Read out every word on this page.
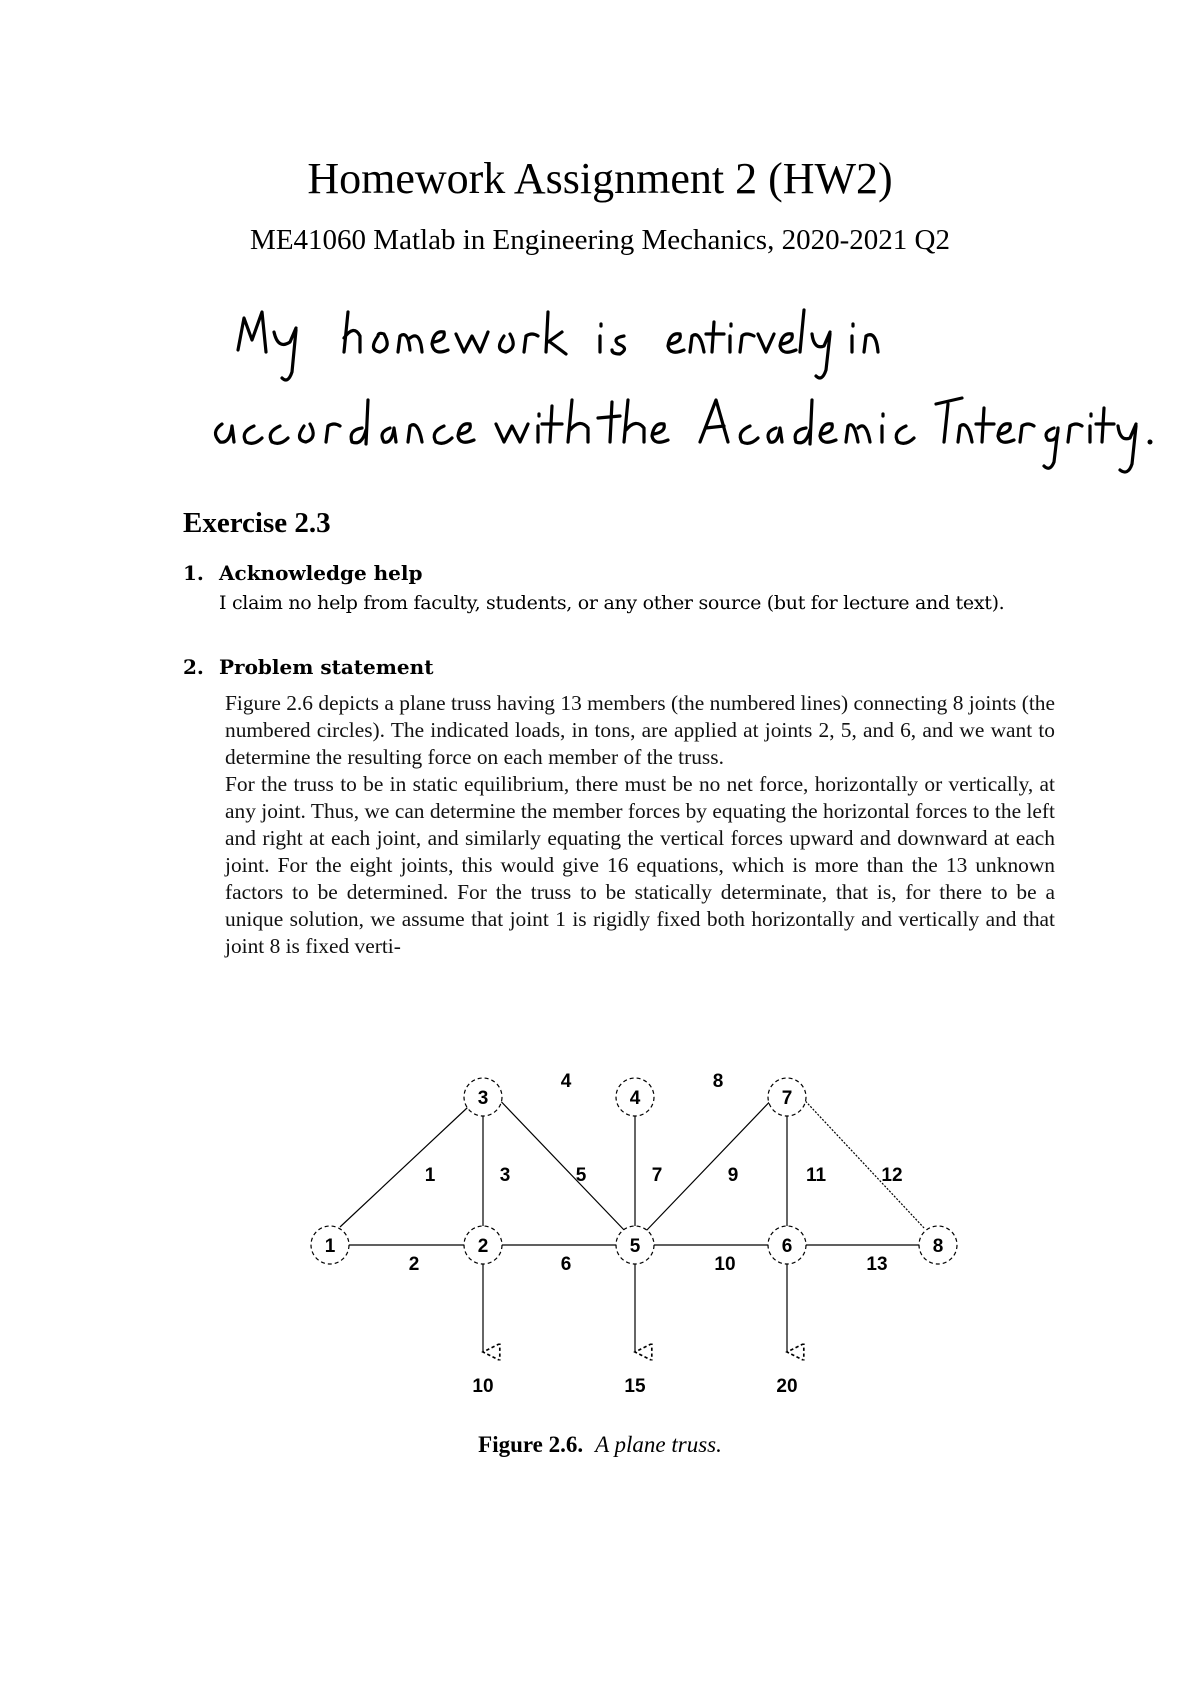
Homework Assignment 2 (HW2)
ME41060 Matlab in Engineering Mechanics, 2020-2021 Q2
Exercise 2.3
1. Acknowledge help
I claim no help from faculty, students, or any other source (but for lecture and text).
2. Problem statement

Figure 2.6 depicts a plane truss having 13 members (the numbered lines) connecting 8 joints (the numbered circles). The indicated loads, in tons, are applied at joints 2, 5, and 6, and we want to determine the resulting force on each member of the truss.

For the truss to be in static equilibrium, there must be no net force, horizontally or vertically, at any joint. Thus, we can determine the member forces by equating the horizontal forces to the left and right at each joint, and similarly equating the vertical forces upward and downward at each joint. For the eight joints, this would give 16 equations, which is more than the 13 unknown factors to be determined. For the truss to be statically determinate, that is, for there to be a unique solution, we assume that joint 1 is rigidly fixed both horizontally and vertically and that joint 8 is fixed verti-

1	2
3	4
5	6
7
8
1
2
3
4
5
6
7
8
9
10
11	12
13
10	15	20
Figure 2.6. A plane truss.
